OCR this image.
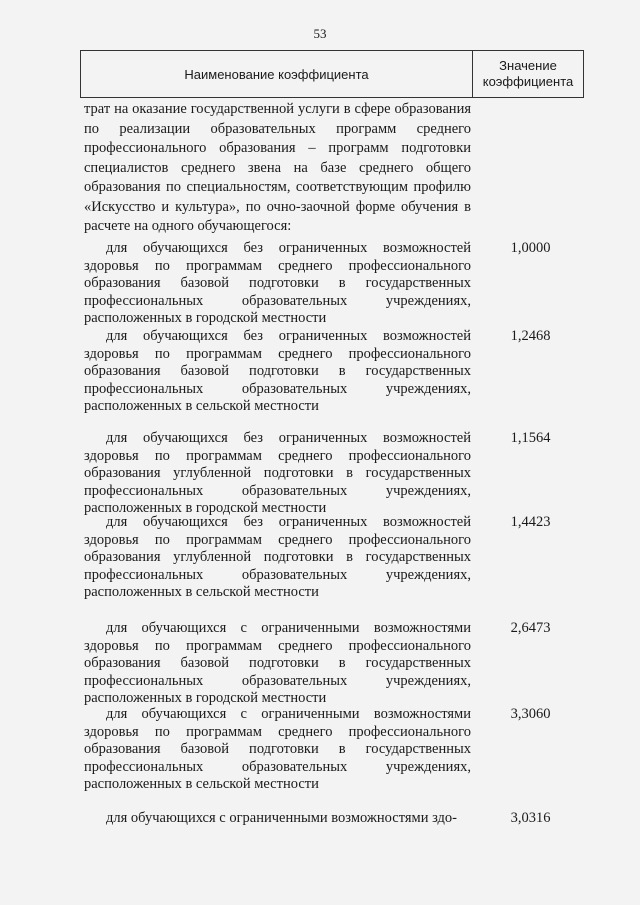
53
Наименование коэффициента
Значение коэффициента
трат на оказание государственной услуги в сфере образования по реализации образовательных программ среднего профессионального образования – программ подготовки специалистов среднего звена на базе среднего общего образования по специальностям, соответствующим профилю «Искусство и культура», по очно-заочной форме обучения в расчете на одного обучающегося:
для обучающихся без ограниченных возможностей здоровья по программам среднего профессионального образования базовой подготовки в государственных профессиональных образовательных учреждениях, расположенных в городской местности
1,0000
для обучающихся без ограниченных возможностей здоровья по программам среднего профессионального образования базовой подготовки в государственных профессиональных образовательных учреждениях, расположенных в сельской местности
1,2468
для обучающихся без ограниченных возможностей здоровья по программам среднего профессионального образования углубленной подготовки в государственных профессиональных образовательных учреждениях, расположенных в городской местности
1,1564
для обучающихся без ограниченных возможностей здоровья по программам среднего профессионального образования углубленной подготовки в государственных профессиональных образовательных учреждениях, расположенных в сельской местности
1,4423
для обучающихся с ограниченными возможностями здоровья по программам среднего профессионального образования базовой подготовки в государственных профессиональных образовательных учреждениях, расположенных в городской местности
2,6473
для обучающихся с ограниченными возможностями здоровья по программам среднего профессионального образования базовой подготовки в государственных профессиональных образовательных учреждениях, расположенных в сельской местности
3,3060
для обучающихся с ограниченными возможностями здо-	3,0316
